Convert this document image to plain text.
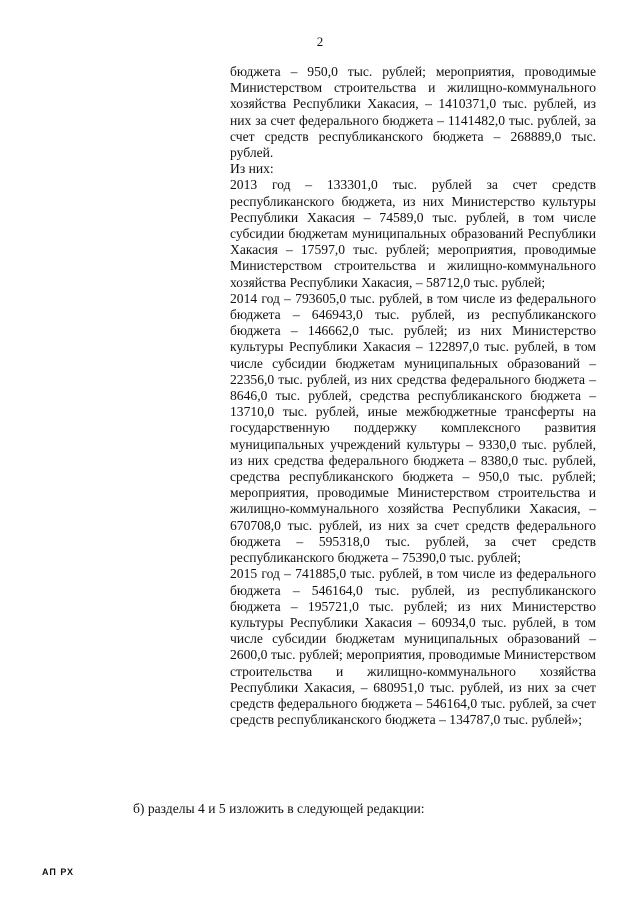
2

бюджета – 950,0 тыс. рублей; мероприятия, проводимые Министерством строительства и жилищно-коммунального хозяйства Республики Хакасия, – 1410371,0 тыс. рублей, из них за счет федерального бюджета – 1141482,0 тыс. рублей, за счет средств республиканского бюджета – 268889,0 тыс. рублей.

Из них:

2013 год – 133301,0 тыс. рублей за счет средств республиканского бюджета, из них Министерство культуры Республики Хакасия – 74589,0 тыс. рублей, в том числе субсидии бюджетам муниципальных образований Республики Хакасия – 17597,0 тыс. рублей; мероприятия, проводимые Министерством строительства и жилищно-коммунального хозяйства Республики Хакасия, – 58712,0 тыс. рублей;

2014 год – 793605,0 тыс. рублей, в том числе из федерального бюджета – 646943,0 тыс. рублей, из республиканского бюджета – 146662,0 тыс. рублей; из них Министерство культуры Республики Хакасия – 122897,0 тыс. рублей, в том числе субсидии бюджетам муниципальных образований – 22356,0 тыс. рублей, из них средства федерального бюджета – 8646,0 тыс. рублей, средства республиканского бюджета – 13710,0 тыс. рублей, иные межбюджетные трансферты на государственную поддержку комплексного развития муниципальных учреждений культуры – 9330,0 тыс. рублей, из них средства федерального бюджета – 8380,0 тыс. рублей, средства республиканского бюджета – 950,0 тыс. рублей; мероприятия, проводимые Министерством строительства и жилищно-коммунального хозяйства Республики Хакасия, – 670708,0 тыс. рублей, из них за счет средств федерального бюджета – 595318,0 тыс. рублей, за счет средств республиканского бюджета – 75390,0 тыс. рублей;

2015 год – 741885,0 тыс. рублей, в том числе из федерального бюджета – 546164,0 тыс. рублей, из республиканского бюджета – 195721,0 тыс. рублей; из них Министерство культуры Республики Хакасия – 60934,0 тыс. рублей, в том числе субсидии бюджетам муниципальных образований – 2600,0 тыс. рублей; мероприятия, проводимые Министерством строительства и жилищно-коммунального хозяйства Республики Хакасия, – 680951,0 тыс. рублей, из них за счет средств федерального бюджета – 546164,0 тыс. рублей, за счет средств республиканского бюджета – 134787,0 тыс. рублей»;

б) разделы 4 и 5 изложить в следующей редакции:
АП РХ
